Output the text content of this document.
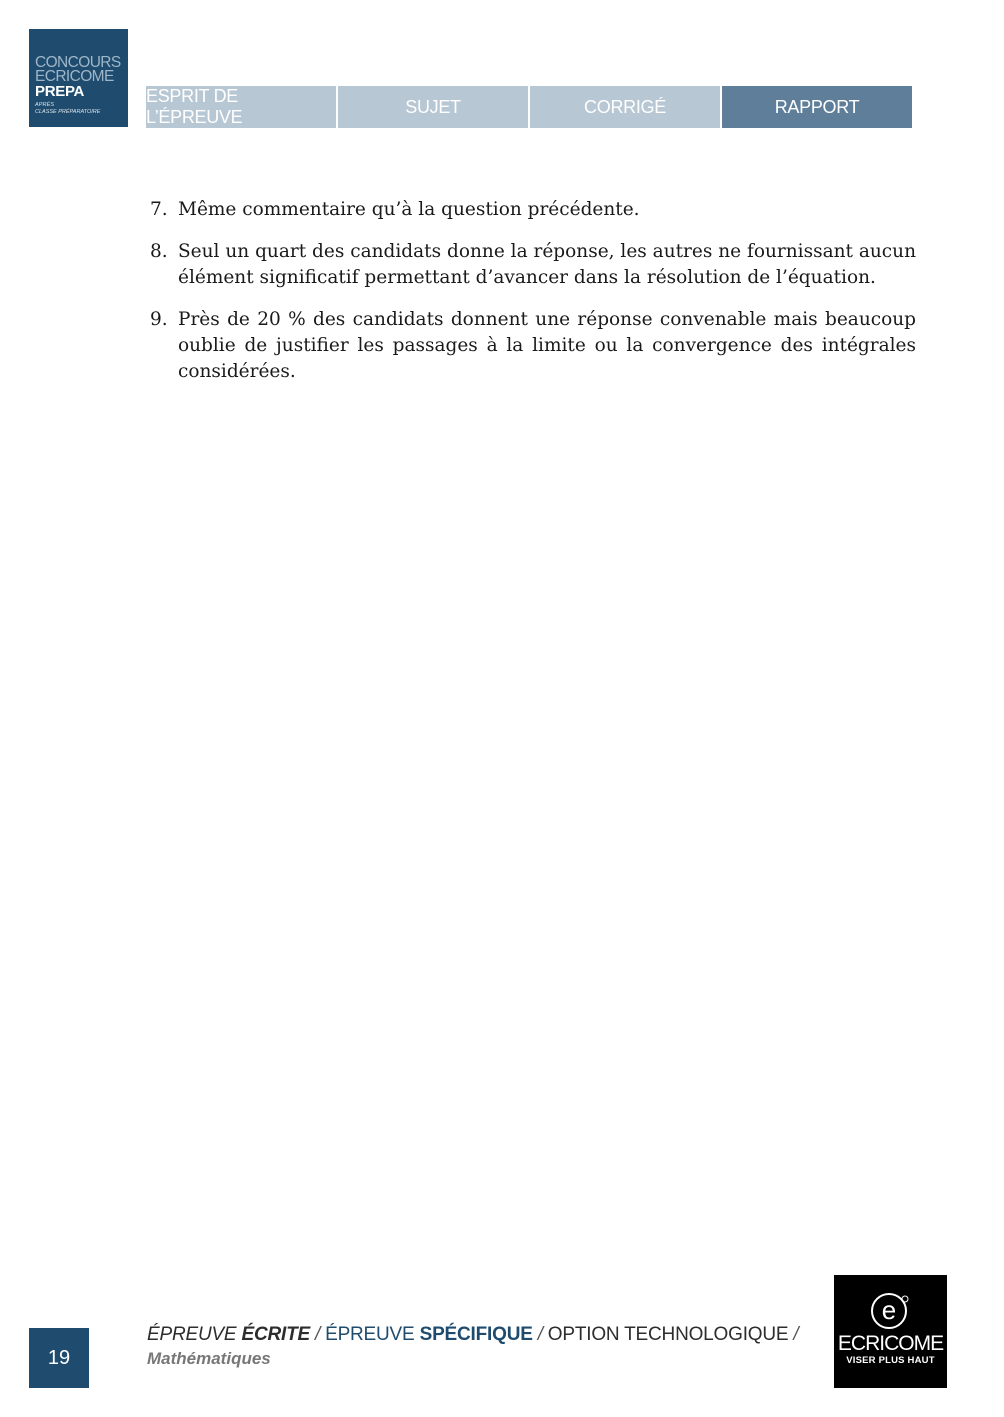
CONCOURS
ECRICOME
PREPA
APRÈS
CLASSE PRÉPARATOIRE
ESPRIT DE L’ÉPREUVE
SUJET	CORRIGÉ	RAPPORT
7. Même commentaire qu’à la question précédente.
8. Seul un quart des candidats donne la réponse, les autres ne fournissant aucun élément significatif permettant d’avancer dans la résolution de l’équation.
9. Près de 20 % des candidats donnent une réponse convenable mais beaucoup oublie de justifier les passages à la limite ou la convergence des intégrales considérées.
19
ÉPREUVE ÉCRITE / ÉPREUVE SPÉCIFIQUE / OPTION TECHNOLOGIQUE /
Mathématiques
e
ECRICOME
VISER PLUS HAUT
